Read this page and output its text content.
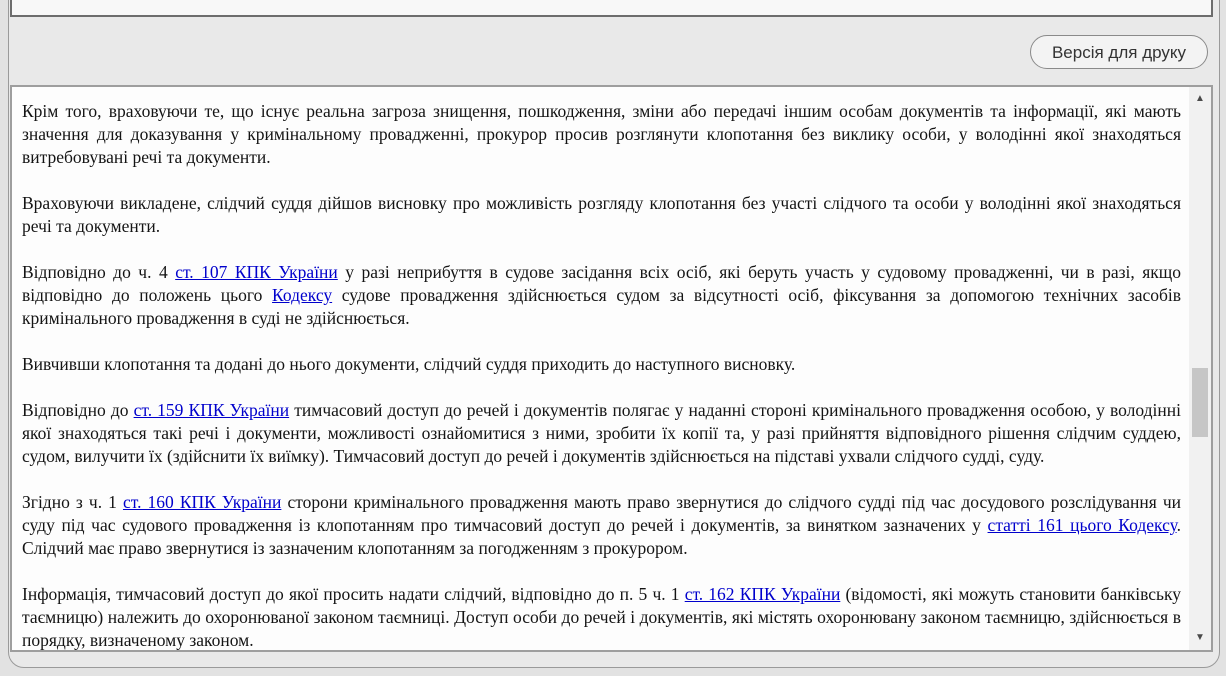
Версія для друку

Крім того, враховуючи те, що існує реальна загроза знищення, пошкодження, зміни або передачі іншим особам документів та інформації, які мають значення для доказування у кримінальному провадженні, прокурор просив розглянути клопотання без виклику особи, у володінні якої знаходяться витребовувані речі та документи.

Враховуючи викладене, слідчий суддя дійшов висновку про можливість розгляду клопотання без участі слідчого та особи у володінні якої знаходяться речі та документи.

Відповідно до ч. 4 ст. 107 КПК України у разі неприбуття в судове засідання всіх осіб, які беруть участь у судовому провадженні, чи в разі, якщо відповідно до положень цього Кодексу судове провадження здійснюється судом за відсутності осіб, фіксування за допомогою технічних засобів кримінального провадження в суді не здійснюється.

Вивчивши клопотання та додані до нього документи, слідчий суддя приходить до наступного висновку.

Відповідно до ст. 159 КПК України тимчасовий доступ до речей і документів полягає у наданні стороні кримінального провадження особою, у володінні якої знаходяться такі речі і документи, можливості ознайомитися з ними, зробити їх копії та, у разі прийняття відповідного рішення слідчим суддею, судом, вилучити їх (здійснити їх виїмку). Тимчасовий доступ до речей і документів здійснюється на підставі ухвали слідчого судді, суду.

Згідно з ч. 1 ст. 160 КПК України сторони кримінального провадження мають право звернутися до слідчого судді під час досудового розслідування чи суду під час судового провадження із клопотанням про тимчасовий доступ до речей і документів, за винятком зазначених у статті 161 цього Кодексу. Слідчий має право звернутися із зазначеним клопотанням за погодженням з прокурором.

Інформація, тимчасовий доступ до якої просить надати слідчий, відповідно до п. 5 ч. 1 ст. 162 КПК України (відомості, які можуть становити банківську таємницю) належить до охоронюваної законом таємниці. Доступ особи до речей і документів, які містять охоронювану законом таємницю, здійснюється в порядку, визначеному законом.

▲
▼
